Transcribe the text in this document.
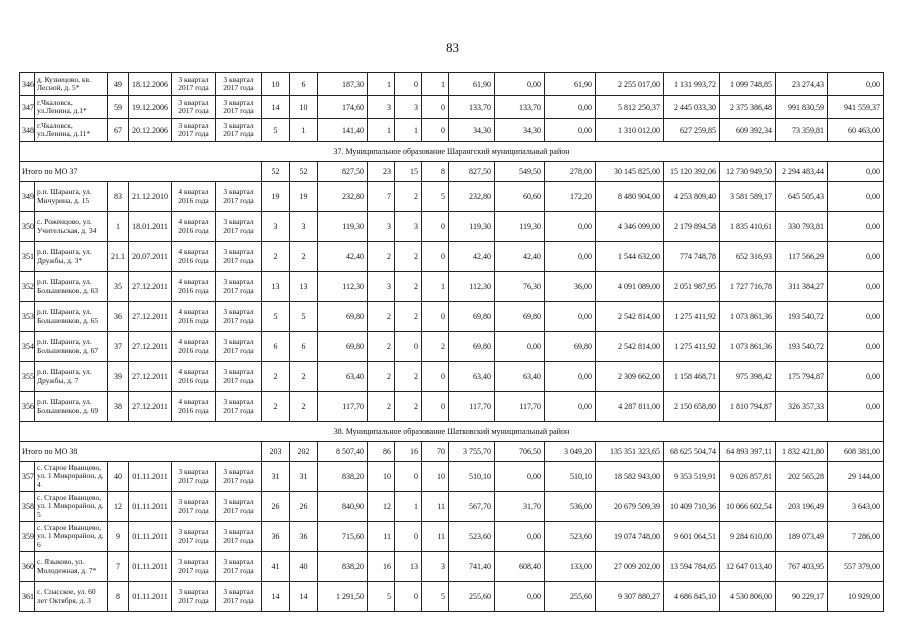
83
346	д. Кузнецово, кв. Лесной, д. 5*	49	18.12.2006	3 квартал 2017 года	3 квартал 2017 года	10	6	187,30	1	0	1	61,90	0,00	61,90	2 255 017,00	1 131 993,72	1 099 748,85	23 274,43	0,00
347	г.Чкаловск, ул.Ленина, д.1*	59	19.12.2006	3 квартал 2017 года	3 квартал 2017 года	14	10	174,60	3	3	0	133,70	133,70	0,00	5 812 250,37	2 445 033,30	2 375 386,48	991 830,59	941 559,37
348	г.Чкаловск, ул.Ленина, д.11*	67	20.12.2006	3 квартал 2017 года	3 квартал 2017 года	5	1	141,40	1	1	0	34,30	34,30	0,00	1 310 012,00	627 259,85	609 392,34	73 359,81	60 463,00
37. Муниципальное образование Шарангский муниципальный район																			
Итого по МО 37						52	52	827,50	23	15	8	827,50	549,50	278,00	30 145 825,00	15 120 392,06	12 730 949,50	2 294 483,44	0,00
349	р.п. Шаранга, ул. Мичурина, д. 15	83	21.12.2010	4 квартал 2016 года	3 квартал 2017 года	19	19	232,80	7	2	5	232,80	60,60	172,20	8 480 904,00	4 253 809,40	3 581 589,17	645 505,43	0,00
350	с. Роженцово, ул. Учительская, д. 34	1	18.01.2011	4 квартал 2016 года	3 квартал 2017 года	3	3	119,30	3	3	0	119,30	119,30	0,00	4 346 099,00	2 179 894,58	1 835 410,61	330 793,81	0,00
351	р.п. Шаранга, ул. Дружбы, д. 3*	21.1	20.07.2011	4 квартал 2016 года	3 квартал 2017 года	2	2	42,40	2	2	0	42,40	42,40	0,00	1 544 632,00	774 748,78	652 316,93	117 566,29	0,00
352	р.п. Шаранга, ул. Большевиков, д. 63	35	27.12.2011	4 квартал 2016 года	3 квартал 2017 года	13	13	112,30	3	2	1	112,30	76,30	36,00	4 091 089,00	2 051 987,95	1 727 716,78	311 384,27	0,00
353	р.п. Шаранга, ул. Большевиков, д. 65	36	27.12.2011	4 квартал 2016 года	3 квартал 2017 года	5	5	69,80	2	2	0	69,80	69,80	0,00	2 542 814,00	1 275 411,92	1 073 861,36	193 540,72	0,00
354	р.п. Шаранга, ул. Большевиков, д. 67	37	27.12.2011	4 квартал 2016 года	3 квартал 2017 года	6	6	69,80	2	0	2	69,80	0,00	69,80	2 542 814,00	1 275 411,92	1 073 861,36	193 540,72	0,00
355	р.п. Шаранга, ул. Дружбы, д. 7	39	27.12.2011	4 квартал 2016 года	3 квартал 2017 года	2	2	63,40	2	2	0	63,40	63,40	0,00	2 309 662,00	1 158 468,71	975 398,42	175 794,87	0,00
356	р.п. Шаранга, ул. Большевиков, д. 69	38	27.12.2011	4 квартал 2016 года	3 квартал 2017 года	2	2	117,70	2	2	0	117,70	117,70	0,00	4 287 811,00	2 150 658,80	1 810 794,87	326 357,33	0,00
38. Муниципальное образование Шатковский муниципальный район																			
Итого по МО 38						203	202	8 507,40	86	16	70	3 755,70	706,50	3 049,20	135 351 323,65	68 625 504,74	64 893 397,11	1 832 421,80	608 381,00
357	с. Старое Иванцево, ул. 1 Микрорайон, д. 4	40	01.11.2011	3 квартал 2017 года	3 квартал 2017 года	31	31	838,20	10	0	10	510,10	0,00	510,10	18 582 943,00	9 353 519,91	9 026 857,81	202 565,28	29 144,00
358	с. Старое Иванцево, ул. 1 Микрорайон, д. 5	12	01.11.2011	3 квартал 2017 года	3 квартал 2017 года	26	26	840,90	12	1	11	567,70	31,70	536,00	20 679 509,39	10 409 710,36	10 066 602,54	203 196,49	3 643,00
359	с. Старое Иванцево, ул. 1 Микрорайон, д. 6	9	01.11.2011	3 квартал 2017 года	3 квартал 2017 года	36	36	715,60	11	0	11	523,60	0,00	523,60	19 074 748,00	9 601 064,51	9 284 610,00	189 073,49	7 286,00
360	с. Языково, ул. Молодежная, д. 7*	7	01.11.2011	3 квартал 2017 года	3 квартал 2017 года	41	40	838,20	16	13	3	741,40	608,40	133,00	27 009 202,00	13 594 784,65	12 647 013,40	767 403,95	557 379,00
361	с. Спасское, ул. 60 лет Октября, д. 3	8	01.11.2011	3 квартал 2017 года	3 квартал 2017 года	14	14	1 291,50	5	0	5	255,60	0,00	255,60	9 307 880,27	4 686 845,10	4 530 806,00	90 229,17	10 929,00
